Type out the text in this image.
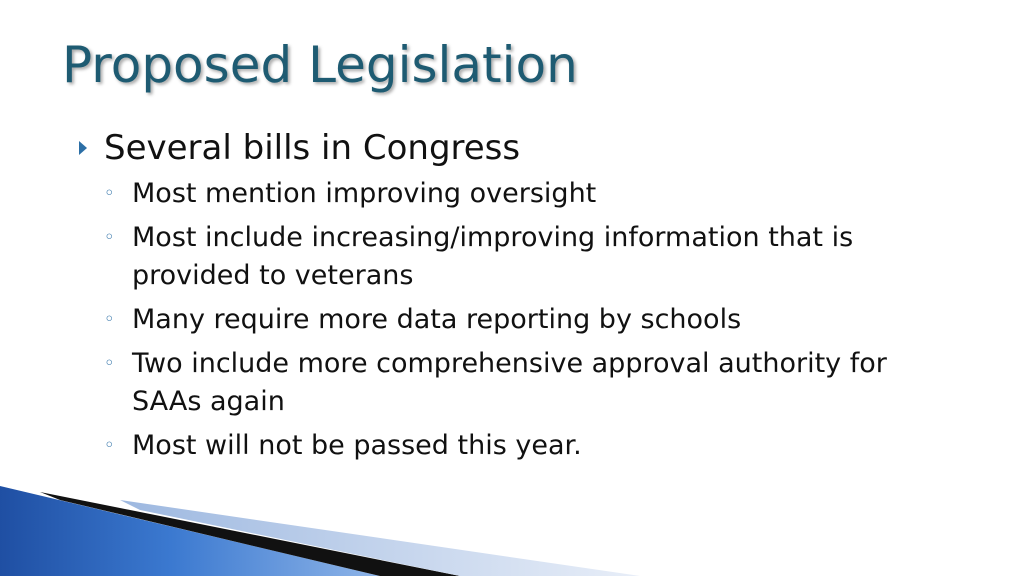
Proposed Legislation
Several bills in Congress
◦ Most mention improving oversight
◦ Most include increasing/improving information that is provided to veterans
◦ Many require more data reporting by schools
◦ Two include more comprehensive approval authority for SAAs again
◦ Most will not be passed this year.
